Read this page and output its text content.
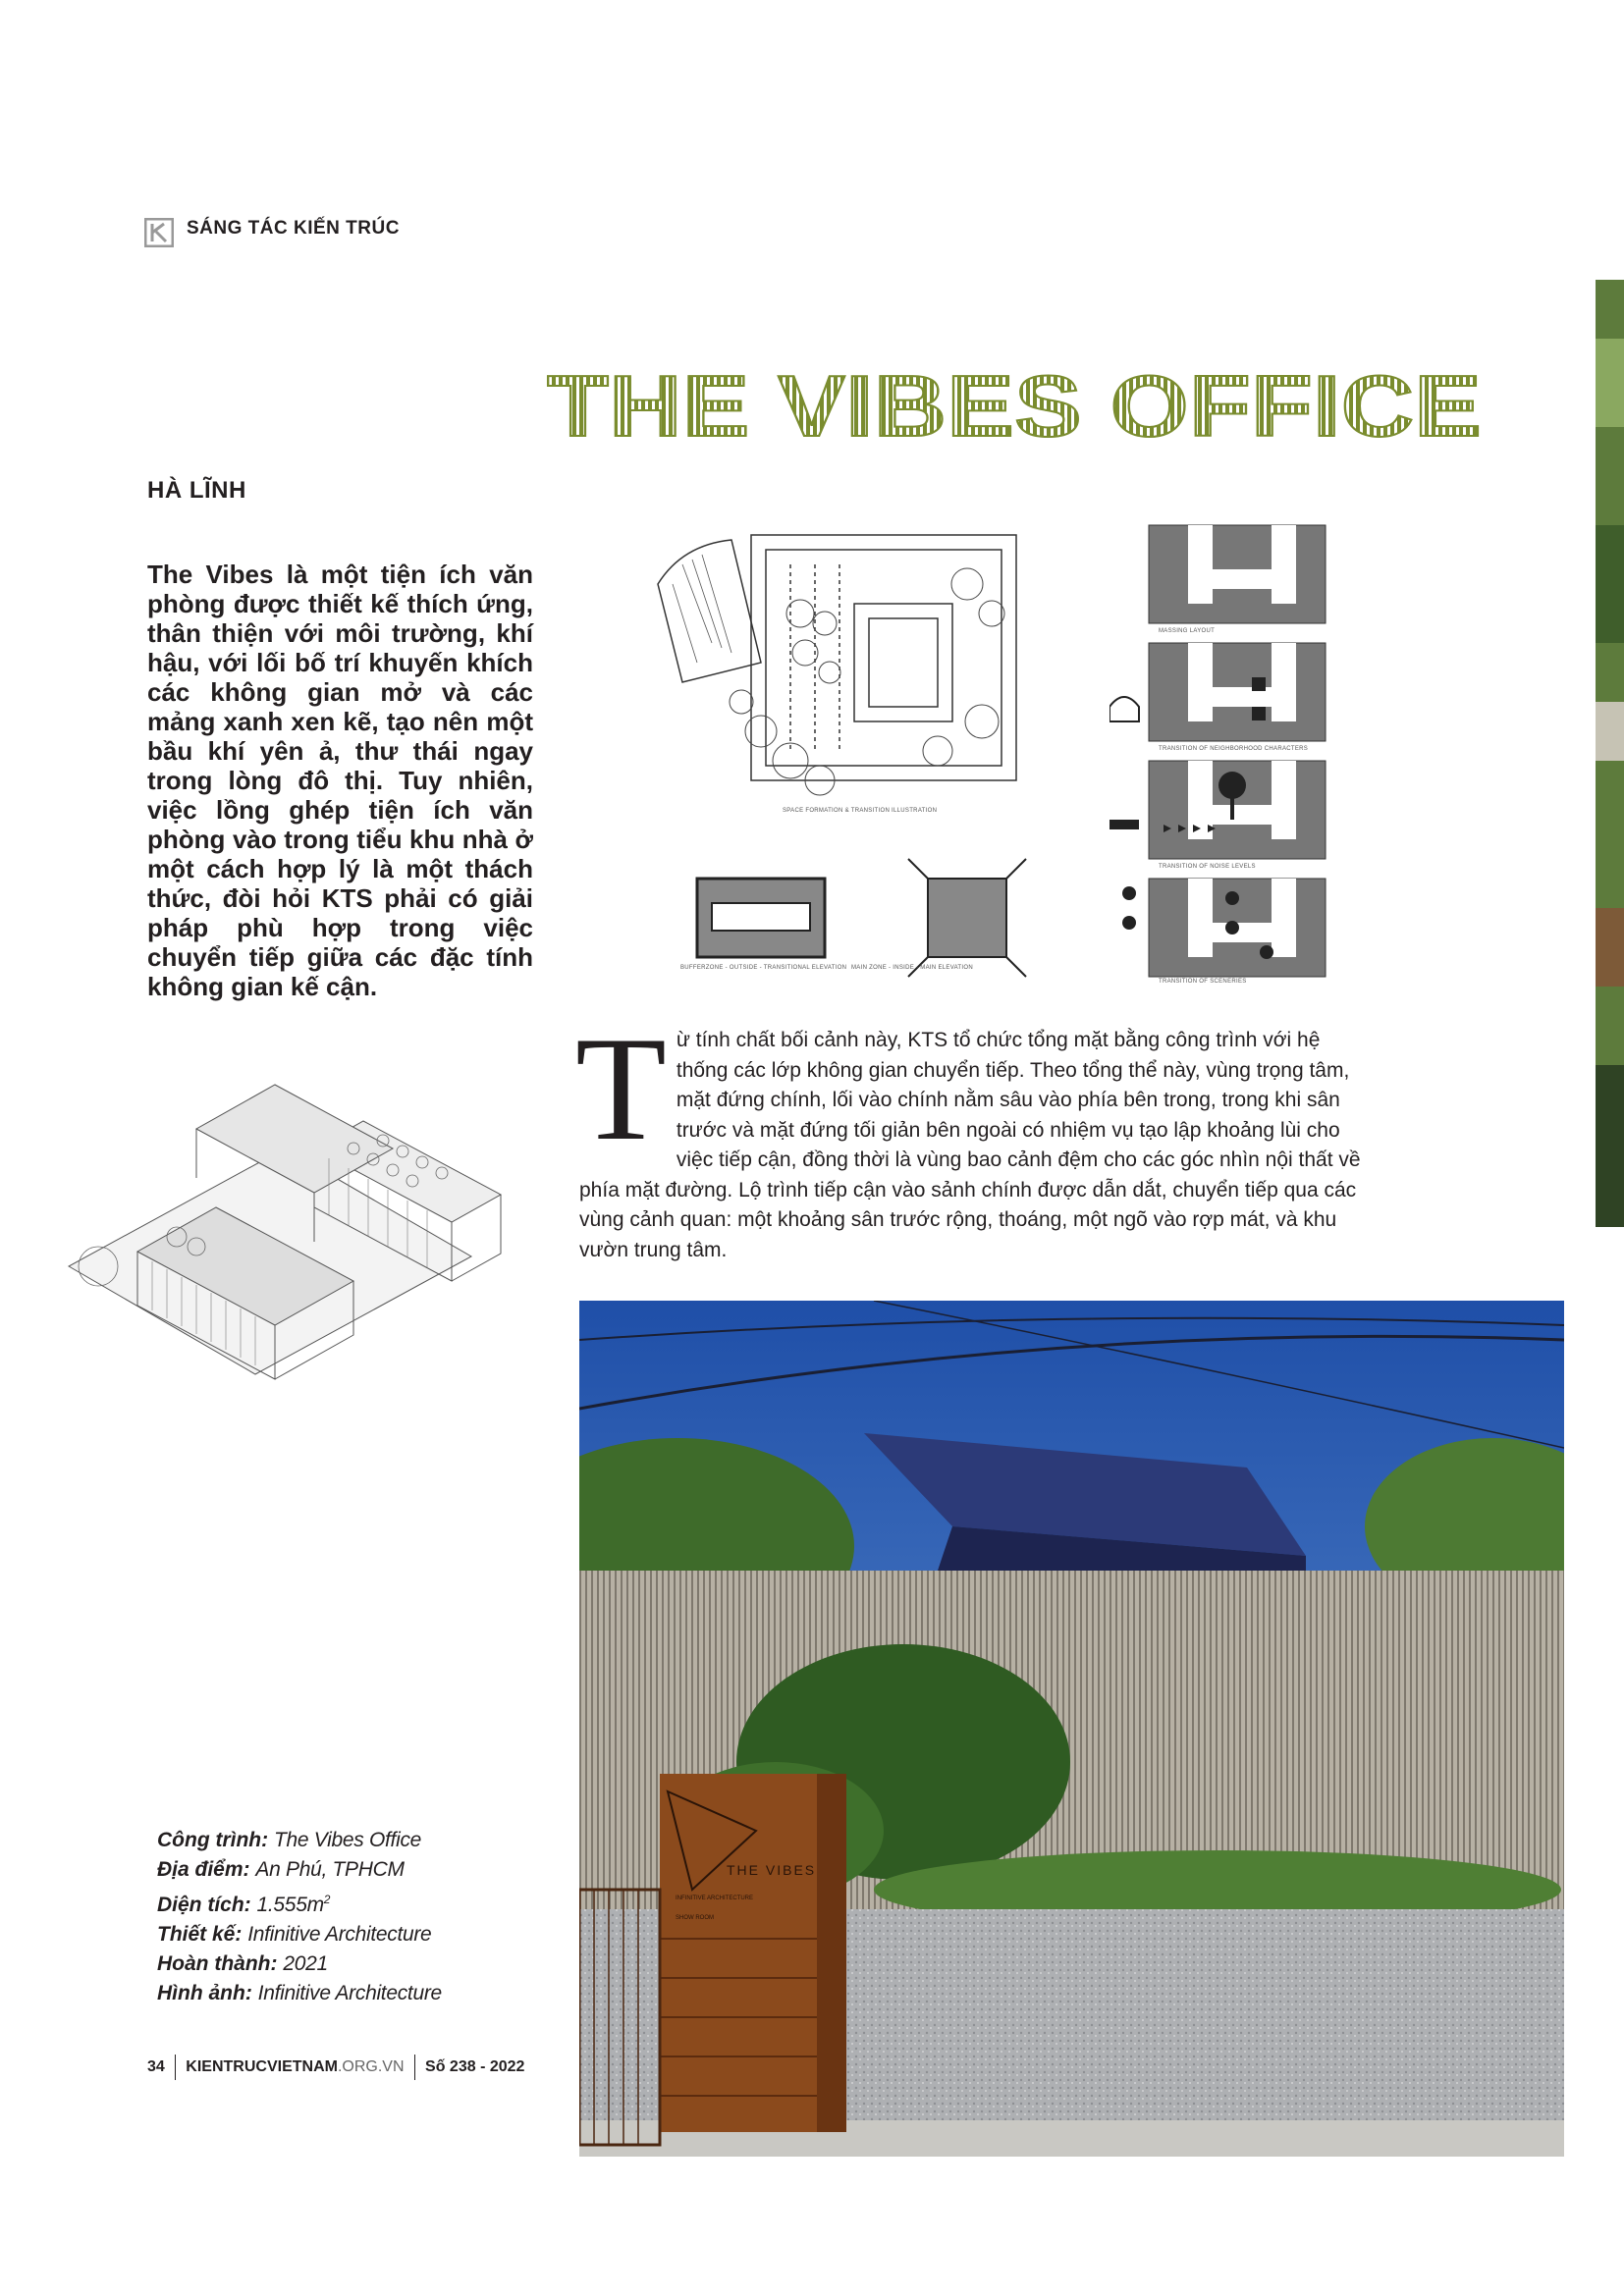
SÁNG TÁC KIẾN TRÚC
THE VIBES OFFICE
HÀ LĨNH
The Vibes là một tiện ích văn phòng được thiết kế thích ứng, thân thiện với môi trường, khí hậu, với lối bố trí khuyến khích các không gian mở và các mảng xanh xen kẽ, tạo nên một bầu khí yên ả, thư thái ngay trong lòng đô thị. Tuy nhiên, việc lồng ghép tiện ích văn phòng vào trong tiểu khu nhà ở một cách hợp lý là một thách thức, đòi hỏi KTS phải có giải pháp phù hợp trong việc chuyển tiếp giữa các đặc tính không gian kế cận.
SPACE FORMATION & TRANSITION ILLUSTRATION
BUFFERZONE - OUTSIDE - TRANSITIONAL ELEVATION MAIN ZONE - INSIDE - MAIN ELEVATION
MASSING LAYOUT
TRANSITION OF NEIGHBORHOOD CHARACTERS
TRANSITION OF NOISE LEVELS
TRANSITION OF SCENERIES
T ừ tính chất bối cảnh này, KTS tổ chức tổng mặt bằng công trình với hệ thống các lớp không gian chuyển tiếp. Theo tổng thể này, vùng trọng tâm, mặt đứng chính, lối vào chính nằm sâu vào phía bên trong, trong khi sân trước và mặt đứng tối giản bên ngoài có nhiệm vụ tạo lập khoảng lùi cho việc tiếp cận, đồng thời là vùng bao cảnh đệm cho các góc nhìn nội thất về phía mặt đường. Lộ trình tiếp cận vào sảnh chính được dẫn dắt, chuyển tiếp qua các vùng cảnh quan: một khoảng sân trước rộng, thoáng, một ngõ vào rợp mát, và khu vườn trung tâm.
THE VIBES
INFINITIVE ARCHITECTURE
SHOW ROOM
Công trình: The Vibes Office
Địa điểm: An Phú, TPHCM
Diện tích: $1.555m^2$
Thiết kế: Infinitive Architecture
Hoàn thành: 2021
Hình ảnh: Infinitive Architecture
34 KIENTRUCVIETNAM .ORG.VN Số 238 - 2022
